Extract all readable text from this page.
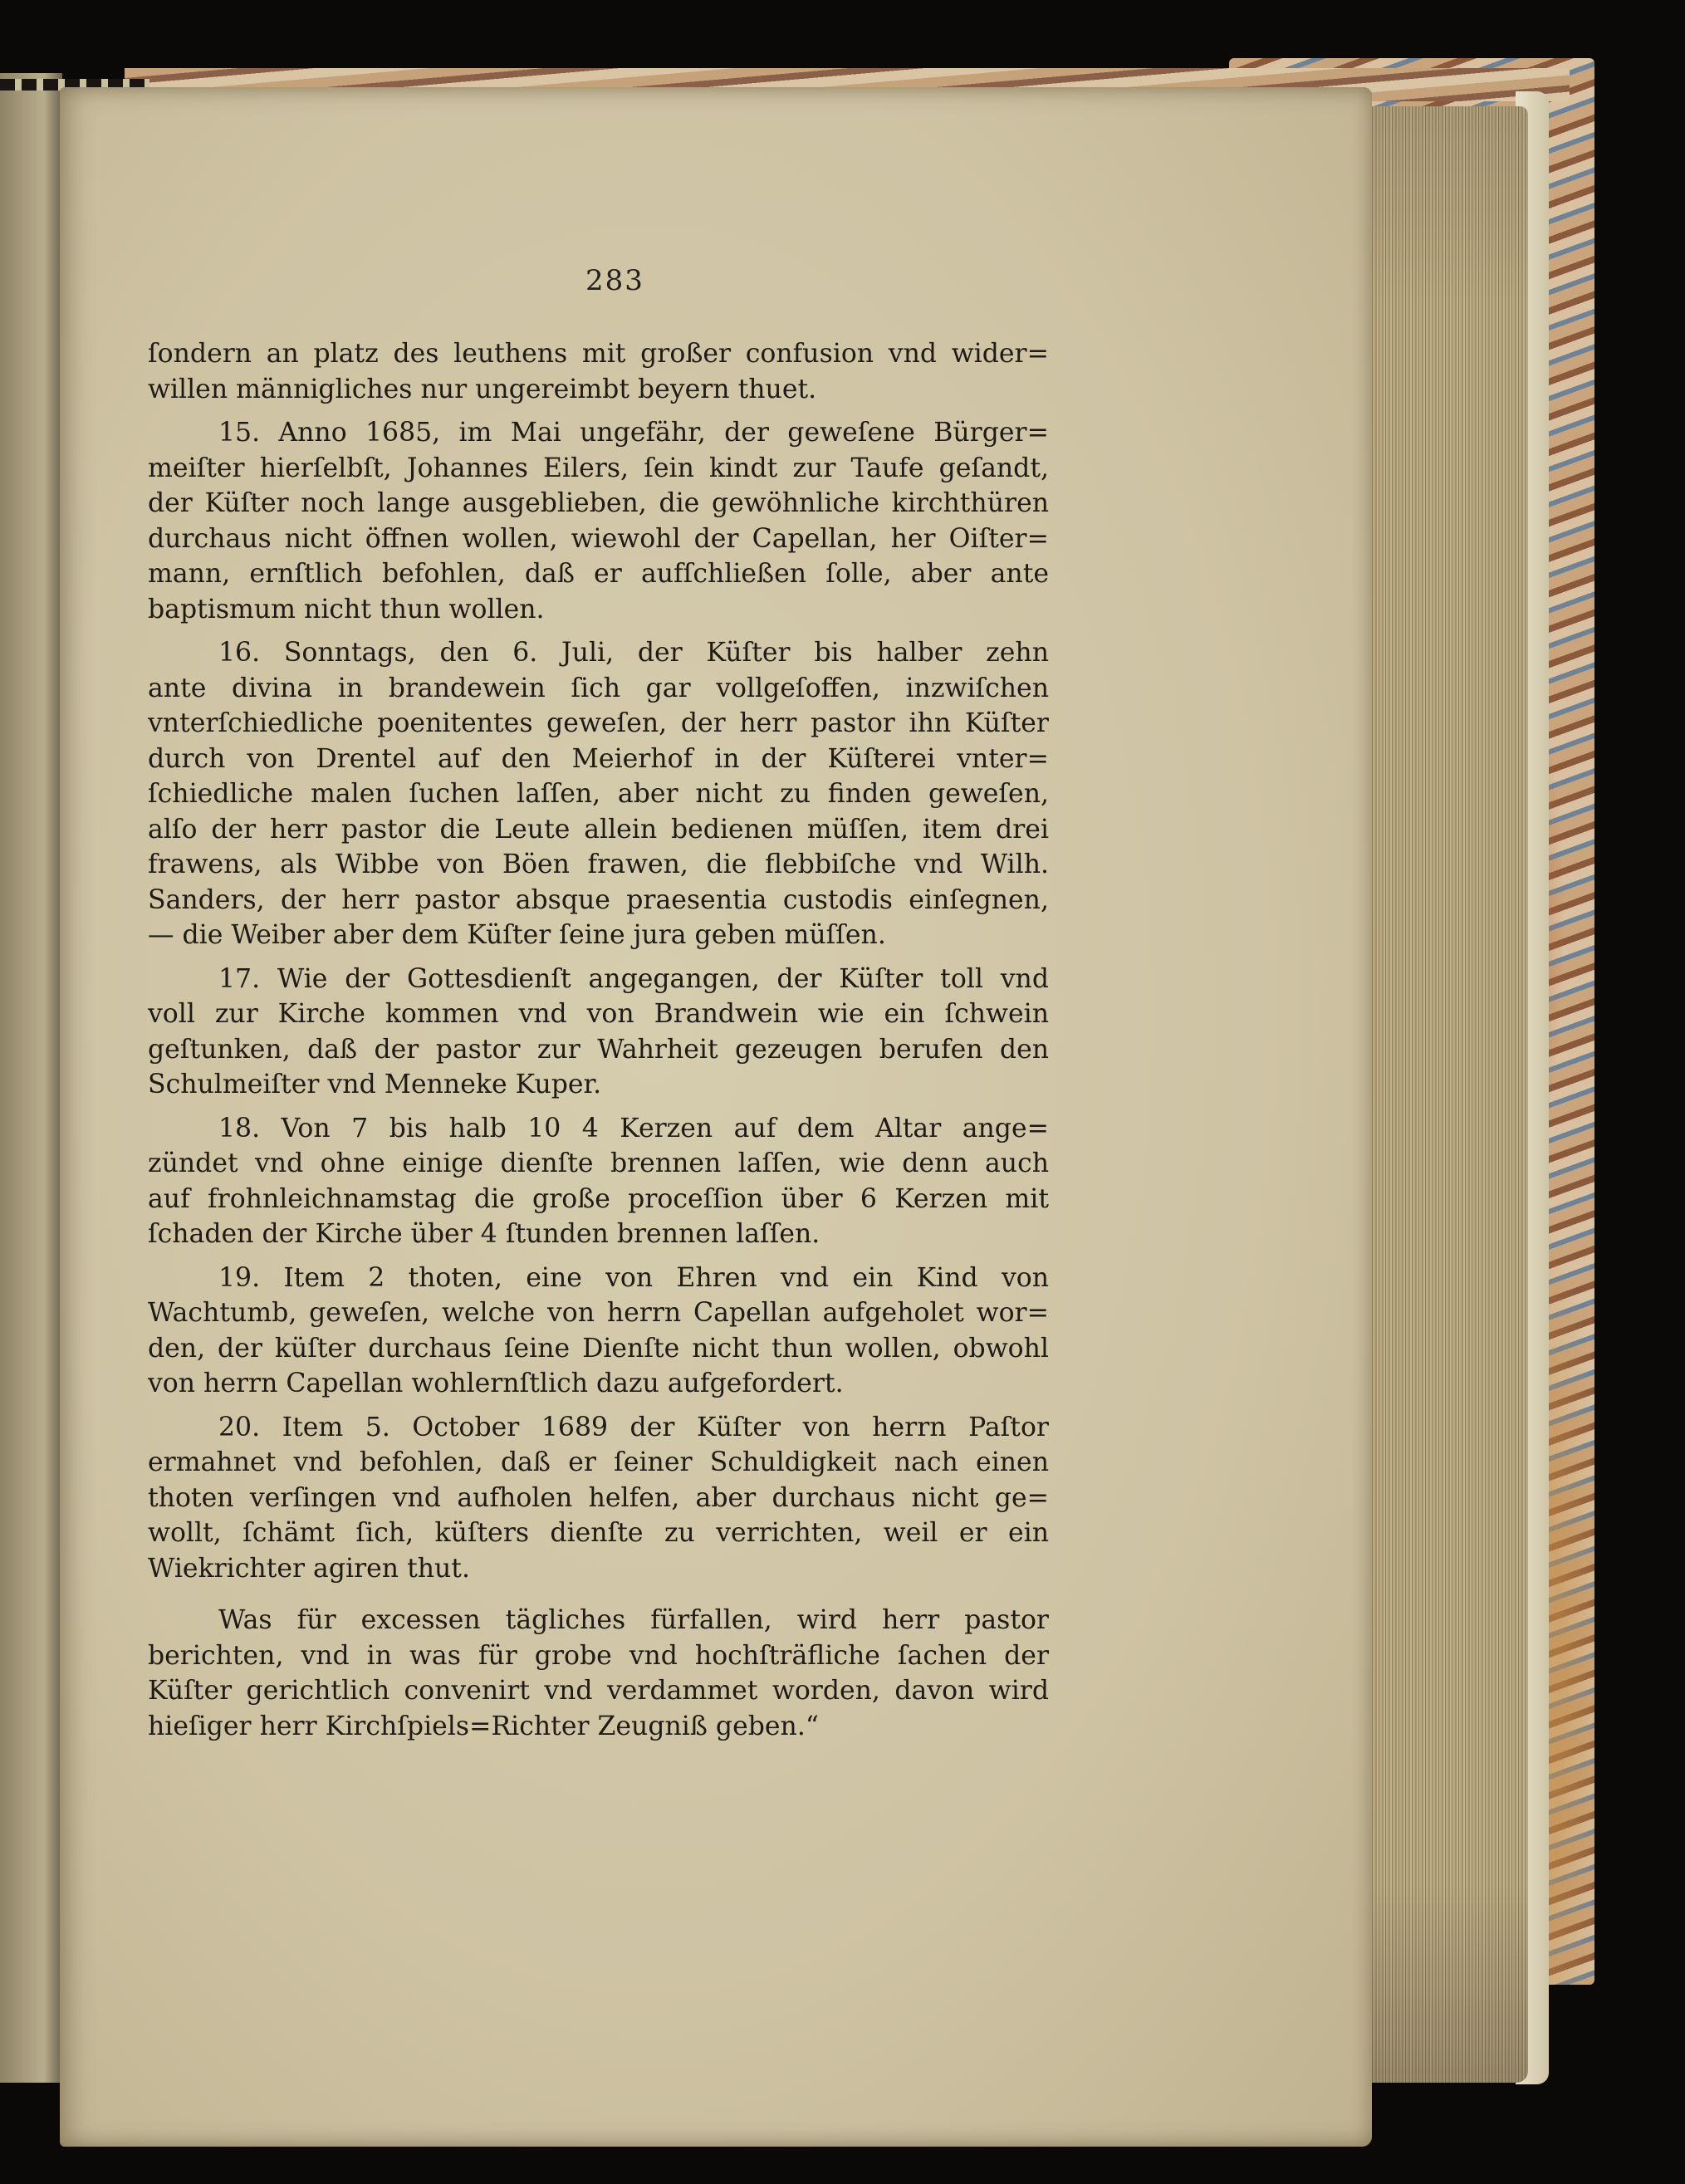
283
ſondern an platz des leuthens mit großer confusion vnd wider=
willen männigliches nur ungereimbt beyern thuet.
15. Anno 1685, im Mai ungefähr, der geweſene Bürger=
meiſter hierſelbſt, Johannes Eilers, ſein kindt zur Taufe geſandt,
der Küſter noch lange ausgeblieben, die gewöhnliche kirchthüren
durchaus nicht öffnen wollen, wiewohl der Capellan, her Oiſter=
mann, ernſtlich befohlen, daß er aufſchließen ſolle, aber ante
baptismum nicht thun wollen.
16. Sonntags, den 6. Juli, der Küſter bis halber zehn
ante divina in brandewein ſich gar vollgeſoffen, inzwiſchen
vnterſchiedliche poenitentes geweſen, der herr pastor ihn Küſter
durch von Drentel auf den Meierhof in der Küſterei vnter=
ſchiedliche malen ſuchen laſſen, aber nicht zu finden geweſen,
alſo der herr pastor die Leute allein bedienen müſſen, item drei
frawens, als Wibbe von Böen frawen, die flebbiſche vnd Wilh.
Sanders, der herr pastor absque praesentia custodis einſegnen,
— die Weiber aber dem Küſter ſeine jura geben müſſen.
17. Wie der Gottesdienſt angegangen, der Küſter toll vnd
voll zur Kirche kommen vnd von Brandwein wie ein ſchwein
geſtunken, daß der pastor zur Wahrheit gezeugen berufen den
Schulmeiſter vnd Menneke Kuper.
18. Von 7 bis halb 10 4 Kerzen auf dem Altar ange=
zündet vnd ohne einige dienſte brennen laſſen, wie denn auch
auf frohnleichnamstag die große proceſſion über 6 Kerzen mit
ſchaden der Kirche über 4 ſtunden brennen laſſen.
19. Item 2 thoten, eine von Ehren vnd ein Kind von
Wachtumb, geweſen, welche von herrn Capellan aufgeholet wor=
den, der küſter durchaus ſeine Dienſte nicht thun wollen, obwohl
von herrn Capellan wohlernſtlich dazu aufgefordert.
20. Item 5. October 1689 der Küſter von herrn Paſtor
ermahnet vnd befohlen, daß er ſeiner Schuldigkeit nach einen
thoten verſingen vnd aufholen helfen, aber durchaus nicht ge=
wollt, ſchämt ſich, küſters dienſte zu verrichten, weil er ein
Wiekrichter agiren thut.
Was für excessen tägliches fürfallen, wird herr pastor
berichten, vnd in was für grobe vnd hochſträfliche ſachen der
Küſter gerichtlich convenirt vnd verdammet worden, davon wird
hieſiger herr Kirchſpiels=Richter Zeugniß geben.“
